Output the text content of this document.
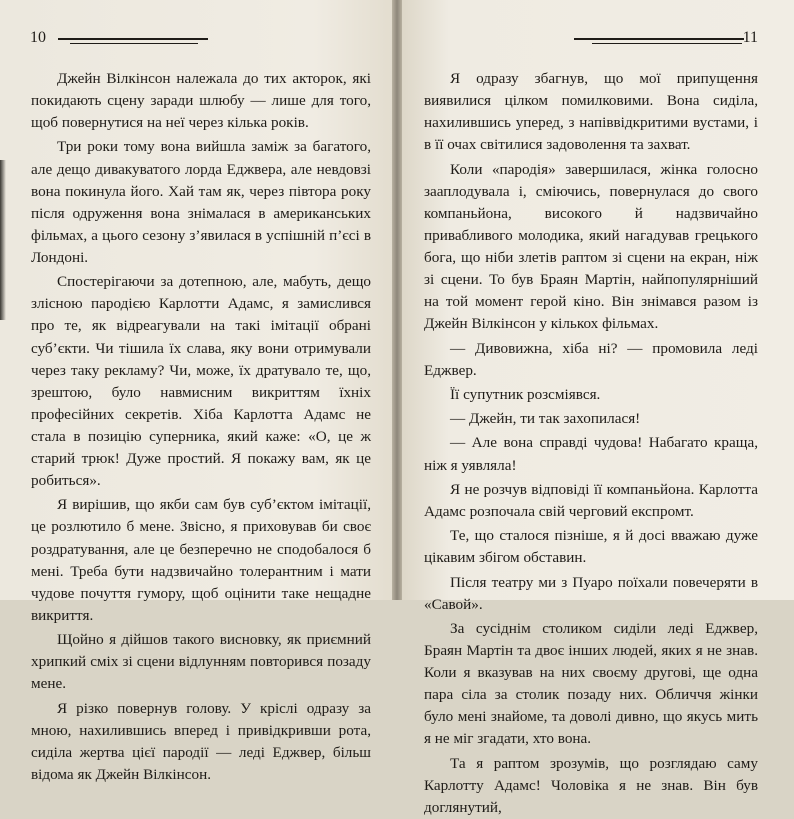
10

Джейн Вілкінсон належала до тих акторок, які покидають сцену заради шлюбу — лише для того, щоб повернутися на неї через кілька років.

Три роки тому вона вийшла заміж за багатого, але дещо дивакуватого лорда Еджвера, але невдовзі вона покинула його. Хай там як, через півтора року після одруження вона знімалася в американських фільмах, а цього сезону з’явилася в успішній п’єсі в Лондоні.

Спостерігаючи за дотепною, але, мабуть, дещо злісною пародією Карлотти Адамс, я замислився про те, як відреагували на такі імітації обрані суб’єкти. Чи тішила їх слава, яку вони отримували через таку рекламу? Чи, може, їх дратувало те, що, зрештою, було навмисним викриттям їхніх професійних секретів. Хіба Карлотта Адамс не стала в позицію суперника, який каже: «О, це ж старий трюк! Дуже простий. Я покажу вам, як це робиться».

Я вирішив, що якби сам був суб’єктом імітації, це розлютило б мене. Звісно, я приховував би своє роздратування, але це безперечно не сподобалося б мені. Треба бути надзвичайно толерантним і мати чудове почуття гумору, щоб оцінити таке нещадне викриття.

Щойно я дійшов такого висновку, як приємний хрипкий сміх зі сцени відлунням повторився позаду мене.

Я різко повернув голову. У кріслі одразу за мною, нахилившись вперед і привідкривши рота, сиділа жертва цієї пародії — леді Еджвер, більш відома як Джейн Вілкінсон.

11

Я одразу збагнув, що мої припущення виявилися цілком помилковими. Вона сиділа, нахилившись уперед, з напіввідкритими вустами, і в її очах світилися задоволення та захват.

Коли «пародія» завершилася, жінка голосно зааплодувала і, сміючись, повернулася до свого компаньйона, високого й надзвичайно привабливого молодика, який нагадував грецького бога, що ніби злетів раптом зі сцени на екран, ніж зі сцени. То був Браян Мартін, найпопулярніший на той момент герой кіно. Він знімався разом із Джейн Вілкінсон у кількох фільмах.

— Дивовижна, хіба ні? — промовила леді Еджвер.

Її супутник розсміявся.

— Джейн, ти так захопилася!

— Але вона справді чудова! Набагато краща, ніж я уявляла!

Я не розчув відповіді її компаньйона. Карлотта Адамс розпочала свій черговий експромт.

Те, що сталося пізніше, я й досі вважаю дуже цікавим збігом обставин.

Після театру ми з Пуаро поїхали повечеряти в «Савой».

За сусіднім столиком сиділи леді Еджвер, Браян Мартін та двоє інших людей, яких я не знав. Коли я вказував на них своєму другові, ще одна пара сіла за столик позаду них. Обличчя жінки було мені знайоме, та доволі дивно, що якусь мить я не міг згадати, хто вона.

Та я раптом зрозумів, що розглядаю саму Карлотту Адамс! Чоловіка я не знав. Він був доглянутий,
